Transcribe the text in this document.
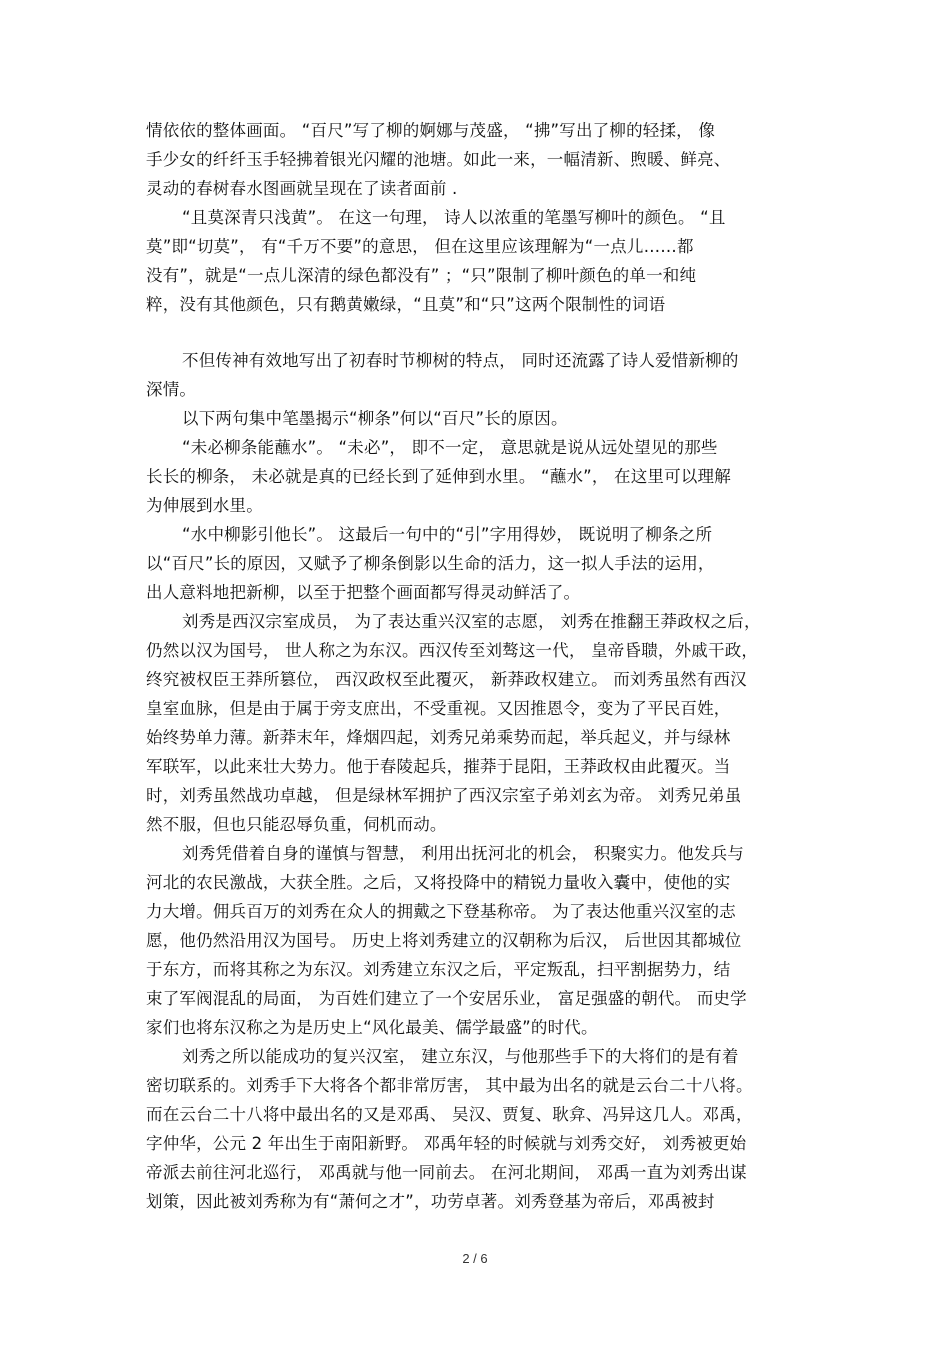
情依依的整体画面。 “百尺”写了柳的婀娜与茂盛， “拂”写出了柳的轻揉， 像
手少女的纤纤玉手轻拂着银光闪耀的池塘。如此一来，一幅清新、煦暖、鲜亮、
灵动的春树春水图画就呈现在了读者面前 .
“且莫深青只浅黄”。 在这一句理， 诗人以浓重的笔墨写柳叶的颜色。 “且
莫”即“切莫”， 有“千万不要”的意思， 但在这里应该理解为“一点儿……都
没有”，就是“一点儿深清的绿色都没有” ；“只”限制了柳叶颜色的单一和纯
粹，没有其他颜色，只有鹅黄嫩绿，“且莫”和“只”这两个限制性的词语
不但传神有效地写出了初春时节柳树的特点， 同时还流露了诗人爱惜新柳的
深情。
以下两句集中笔墨揭示“柳条”何以“百尺”长的原因。
“未必柳条能蘸水”。 “未必”， 即不一定， 意思就是说从远处望见的那些
长长的柳条， 未必就是真的已经长到了延伸到水里。 “蘸水”， 在这里可以理解
为伸展到水里。
“水中柳影引他长”。 这最后一句中的“引”字用得妙， 既说明了柳条之所
以“百尺”长的原因，又赋予了柳条倒影以生命的活力，这一拟人手法的运用，
出人意料地把新柳，以至于把整个画面都写得灵动鲜活了。
刘秀是西汉宗室成员， 为了表达重兴汉室的志愿， 刘秀在推翻王莽政权之后，
仍然以汉为国号， 世人称之为东汉。西汉传至刘骜这一代， 皇帝昏聩，外戚干政，
终究被权臣王莽所篡位， 西汉政权至此覆灭， 新莽政权建立。 而刘秀虽然有西汉
皇室血脉，但是由于属于旁支庶出，不受重视。又因推恩令，变为了平民百姓，
始终势单力薄。新莽末年，烽烟四起，刘秀兄弟乘势而起，举兵起义，并与绿林
军联军，以此来壮大势力。他于春陵起兵，摧莽于昆阳，王莽政权由此覆灭。当
时，刘秀虽然战功卓越， 但是绿林军拥护了西汉宗室子弟刘玄为帝。 刘秀兄弟虽
然不服，但也只能忍辱负重，伺机而动。
刘秀凭借着自身的谨慎与智慧， 利用出抚河北的机会， 积聚实力。他发兵与
河北的农民激战，大获全胜。之后，又将投降中的精锐力量收入囊中，使他的实
力大增。佣兵百万的刘秀在众人的拥戴之下登基称帝。 为了表达他重兴汉室的志
愿，他仍然沿用汉为国号。 历史上将刘秀建立的汉朝称为后汉， 后世因其都城位
于东方，而将其称之为东汉。刘秀建立东汉之后，平定叛乱，扫平割据势力，结
束了军阀混乱的局面， 为百姓们建立了一个安居乐业， 富足强盛的朝代。 而史学
家们也将东汉称之为是历史上“风化最美、儒学最盛”的时代。
刘秀之所以能成功的复兴汉室， 建立东汉，与他那些手下的大将们的是有着
密切联系的。刘秀手下大将各个都非常厉害， 其中最为出名的就是云台二十八将。
而在云台二十八将中最出名的又是邓禹、 吴汉、贾复、耿弇、冯异这几人。邓禹，
字仲华，公元 2 年出生于南阳新野。 邓禹年轻的时候就与刘秀交好， 刘秀被更始
帝派去前往河北巡行， 邓禹就与他一同前去。 在河北期间， 邓禹一直为刘秀出谋
划策，因此被刘秀称为有“萧何之才”，功劳卓著。刘秀登基为帝后，邓禹被封
2 / 6
